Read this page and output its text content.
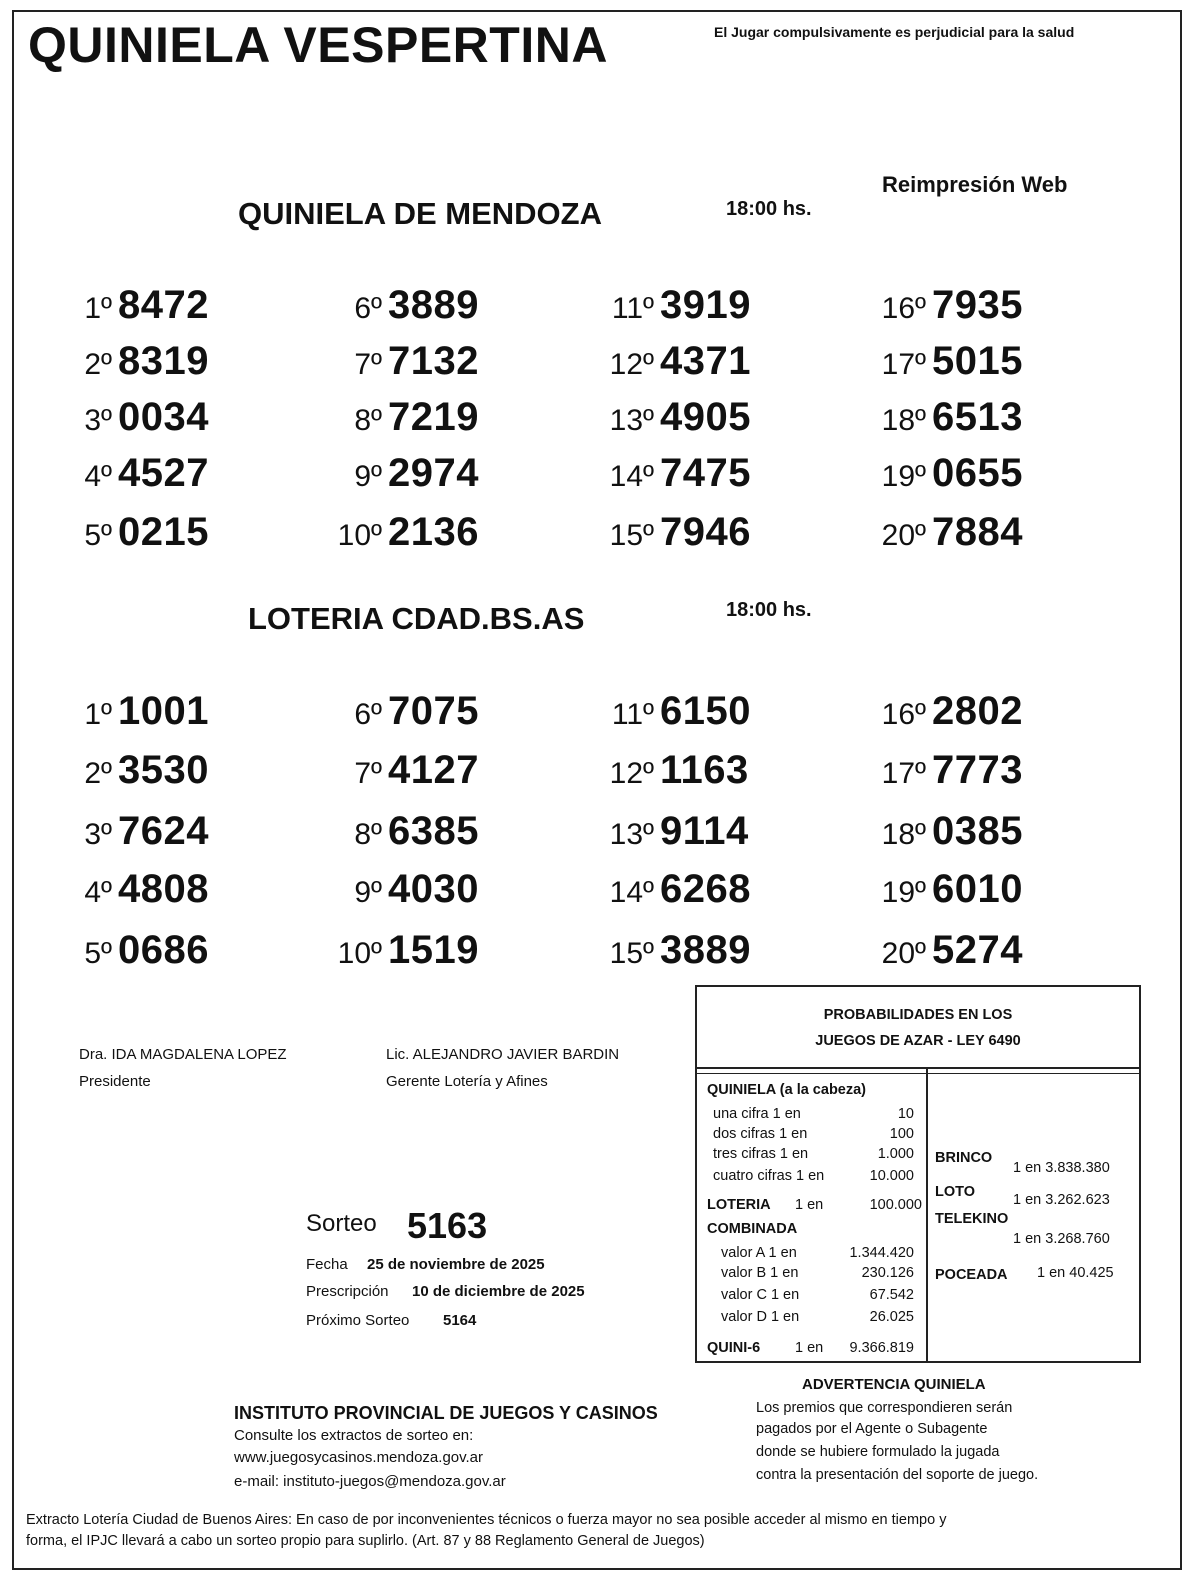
QUINIELA VESPERTINA	El Jugar compulsivamente es perjudicial para la salud
Reimpresión Web
QUINIELA DE MENDOZA	18:00 hs.
1º 8472
2º 8319
3º 0034
4º 4527
5º 0215
6º 3889
7º 7132
8º 7219
9º 2974
10º 2136
11º 3919
12º 4371
13º 4905
14º 7475
15º 7946
16º 7935
17º 5015
18º 6513
19º 0655
20º 7884
LOTERIA CDAD.BS.AS	18:00 hs.
1º 1001
2º 3530
3º 7624
4º 4808
5º 0686
6º 7075
7º 4127
8º 6385
9º 4030
10º 1519
11º 6150
12º 1163
13º 9114
14º 6268
15º 3889
16º 2802
17º 7773
18º 0385
19º 6010
20º 5274
Dra. IDA MAGDALENA LOPEZ
Presidente
Lic. ALEJANDRO JAVIER BARDIN
Gerente Lotería y Afines
Sorteo 5163
Fecha 25 de noviembre de 2025
Prescripción 10 de diciembre de 2025
Próximo Sorteo 5164
PROBABILIDADES EN LOS
JUEGOS DE AZAR - LEY 6490
QUINIELA (a la cabeza)
una cifra 1 en	10
dos cifras 1 en	100
tres cifras 1 en	1.000
cuatro cifras 1 en	10.000
LOTERIA 1 en	100.000
COMBINADA
valor A 1 en	1.344.420
valor B 1 en	230.126
valor C 1 en	67.542
valor D 1 en	26.025
QUINI-6 1 en 9.366.819
BRINCO
1 en 3.838.380
LOTO	1 en 3.262.623
TELEKINO
1 en 3.268.760
POCEADA 1 en 40.425
INSTITUTO PROVINCIAL DE JUEGOS Y CASINOS
Consulte los extractos de sorteo en:
www.juegosycasinos.mendoza.gov.ar
e-mail: instituto-juegos@mendoza.gov.ar
ADVERTENCIA QUINIELA
Los premios que correspondieren serán
pagados por el Agente o Subagente
donde se hubiere formulado la jugada
contra la presentación del soporte de juego.
Extracto Lotería Ciudad de Buenos Aires: En caso de por inconvenientes técnicos o fuerza mayor no sea posible acceder al mismo en tiempo y
forma, el IPJC llevará a cabo un sorteo propio para suplirlo. (Art. 87 y 88 Reglamento General de Juegos)
